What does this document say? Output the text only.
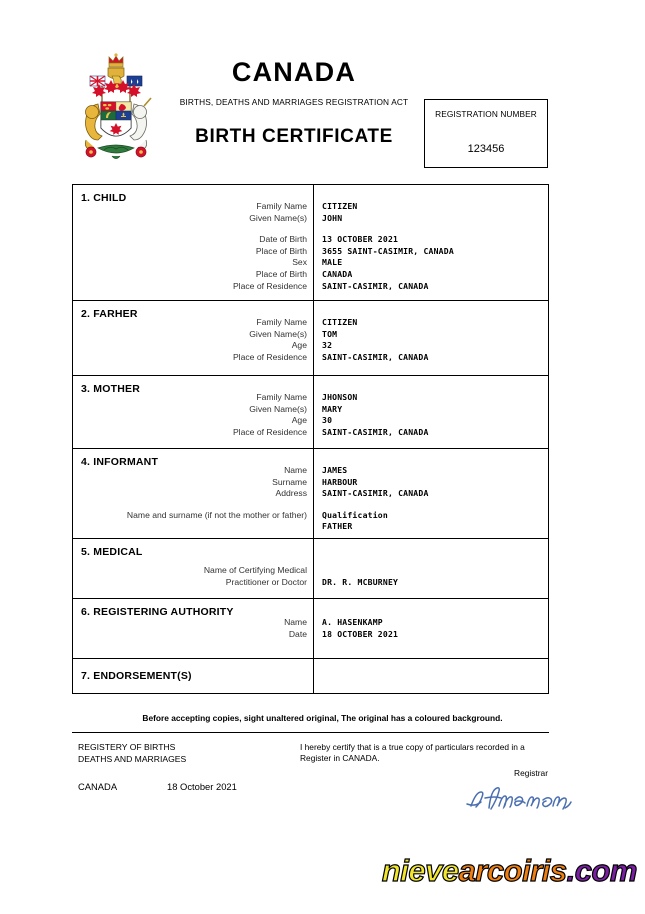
CANADA
BIRTHS, DEATHS AND MARRIAGES REGISTRATION ACT
BIRTH CERTIFICATE
REGISTRATION NUMBER
123456
1. CHILD
Family Name
Given Name(s)
Date of Birth
Place of Birth
Sex
Place of Birth
Place of Residence
CITIZEN
JOHN
13 OCTOBER 2021
3655 SAINT-CASIMIR, CANADA
MALE
CANADA
SAINT-CASIMIR, CANADA
2. FARHER
Family Name
Given Name(s)
Age
Place of Residence
CITIZEN
TOM
32
SAINT-CASIMIR, CANADA
3. MOTHER
Family Name
Given Name(s)
Age
Place of Residence
JHONSON
MARY
30
SAINT-CASIMIR, CANADA
4. INFORMANT
Name
Surname
Address
Name and surname (if not the mother or father)
JAMES
HARBOUR
SAINT-CASIMIR, CANADA
Qualification
FATHER
5. MEDICAL
Name of Certifying Medical
Practitioner or Doctor DR. R. MCBURNEY
6. REGISTERING AUTHORITY
Name
Date
A. HASENKAMP
18 OCTOBER 2021
7. ENDORSEMENT(S)
Before accepting copies, sight unaltered original, The original has a coloured background.
REGISTERY OF BIRTHS
DEATHS AND MARRIAGES
CANADA	18 October 2021
I hereby certify that is a true copy of particulars recorded in a
Register in CANADA.
Registrar
nievearcoiris.com
